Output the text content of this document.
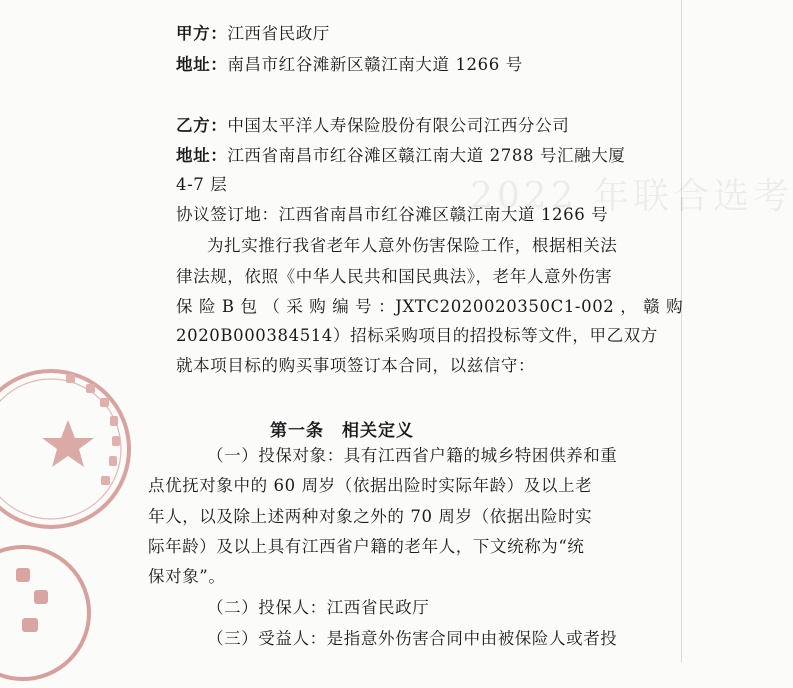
2022 年联合选考
甲方：江西省民政厅
地址：南昌市红谷滩新区赣江南大道 1266 号
乙方：中国太平洋人寿保险股份有限公司江西分公司
地址：江西省南昌市红谷滩区赣江南大道 2788 号汇融大厦
4-7 层
协议签订地：江西省南昌市红谷滩区赣江南大道 1266 号
为扎实推行我省老年人意外伤害保险工作，根据相关法
律法规，依照《中华人民共和国民典法》，老年人意外伤害
保 险 B 包 （ 采 购 编 号 ：JXTC2020020350C1-002 ， 赣 购
2020B000384514）招标采购项目的招投标等文件，甲乙双方
就本项目标的购买事项签订本合同，以兹信守：
第一条　相关定义
（一）投保对象：具有江西省户籍的城乡特困供养和重
点优抚对象中的 60 周岁（依据出险时实际年龄）及以上老
年人，以及除上述两种对象之外的 70 周岁（依据出险时实
际年龄）及以上具有江西省户籍的老年人，下文统称为“统
保对象”。
（二）投保人：江西省民政厅
（三）受益人：是指意外伤害合同中由被保险人或者投
